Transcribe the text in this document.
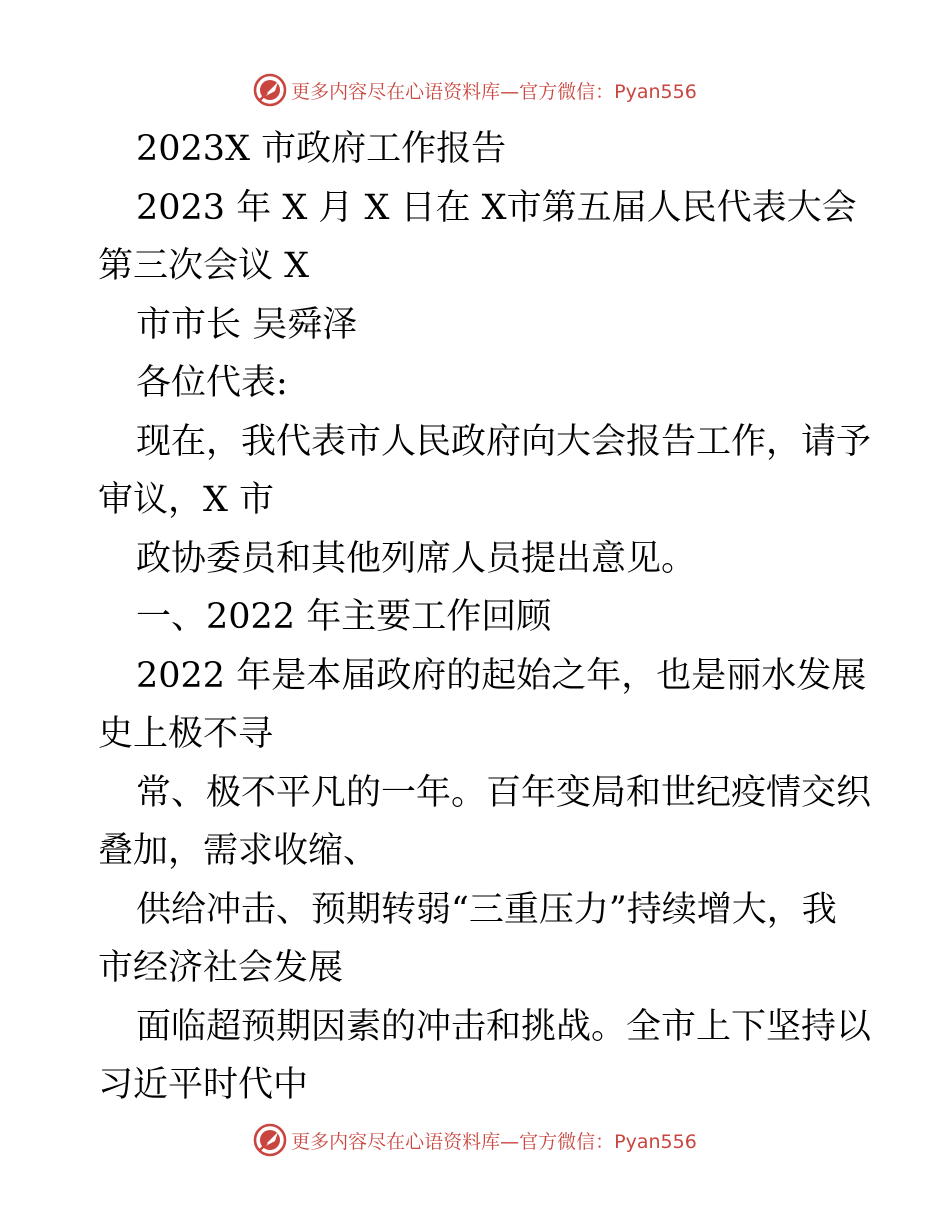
更多内容尽在心语资料库—官方微信：Pyan556
2023X 市政府工作报告
2023 年 X 月 X 日在 X市第五届人民代表大会
第三次会议 X
市市长 吴舜泽
各位代表:
现在，我代表市人民政府向大会报告工作，请予
审议，X 市
政协委员和其他列席人员提出意见。
一、2022 年主要工作回顾
2022 年是本届政府的起始之年，也是丽水发展
史上极不寻
常、极不平凡的一年。百年变局和世纪疫情交织
叠加，需求收缩、
供给冲击、预期转弱“三重压力”持续增大，我
市经济社会发展
面临超预期因素的冲击和挑战。全市上下坚持以
习近平时代中
更多内容尽在心语资料库—官方微信：Pyan556
